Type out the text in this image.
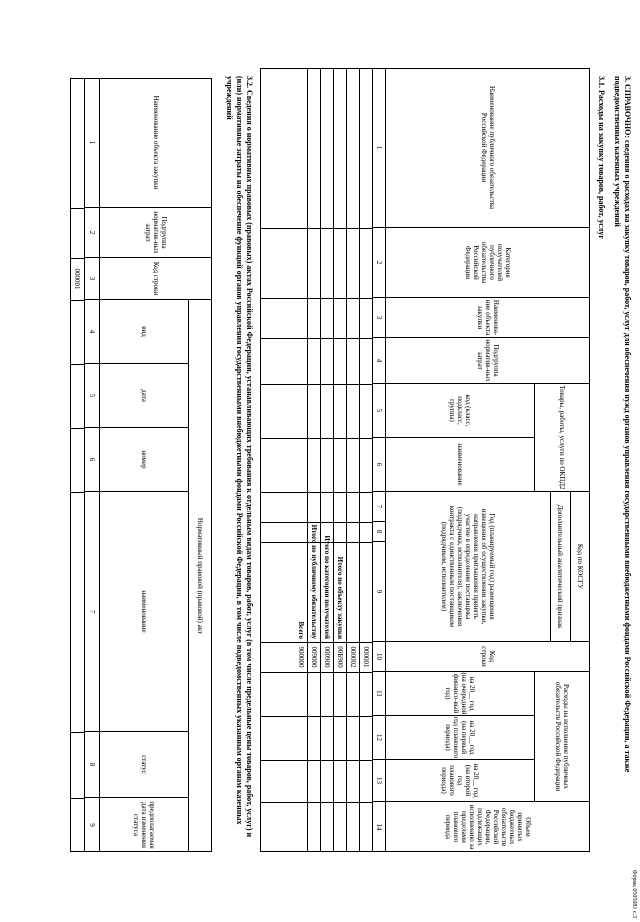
Форма 0505081 с.3
3. СПРАВОЧНО: сведения о расходах на закупку товаров, работ, услуг для обеспечения нужд органов управления государственными внебюджетными фондами Российской Федерации, а также подведомственных казенных учреждений
3.1. Расходы на закупку товаров, работ, услуг
Наименование публичного обязательства Российской Федерации
Категория получателей публичного обязательства Российской Федерации
Наименова-ние объекта закупки
Подгруппа норматив-ных затрат
Товары, работы, услуги по ОКПД2
код (класс, подкласс, группа)
наименование
Код по КОСГУ
Дополнительный аналитический признак
Год (планируемый год) размещения извещения об осуществлении закупки, направления приглашения принять участие в определении поставщика (подрядчика, исполнителя), заключения контракта с единственным поставщиком (подрядчиком, исполнителем)
Код строки
Расходы на исполнение публичных обязательств Российской Федерации
на 20__ год (на очередной финансо-вый год)
на 20__ год (на первый год планового периода)
на 20__ год (на второй год планового периода)
Объем принятых бюджетных обязательств Российской Федерации, подлежащих исполнению за пределами планового периода
1
2
3
4
5
6
7
8
9
10
11
12
13
14
000001
000002
Итого по объекту закупки
00Б900
Итого по категории получателей
000900
Итого по публичному обязательству
009000
Всего
900000
3.2. Сведения о нормативных правовых (правовых) актах Российской Федерации, устанавливающих требования к отдельным видам товаров, работ, услуг (в том числе предельные цены товаров, работ, услуг) и (или) нормативные затраты на обеспечение функций органов управления государственными внебюджетными фондами Российской Федерации, в том числе подведомственных указанным органам казенных учреждений
Наименование объекта закупки
Подгруппа норматив-ных затрат
Код строки
Нормативный правовой (правовой) акт
вид
дата
номер
наименование
статус
предполагаемая дата изменения статуса
1
2
3
4
5
6
7
8
9
000001
